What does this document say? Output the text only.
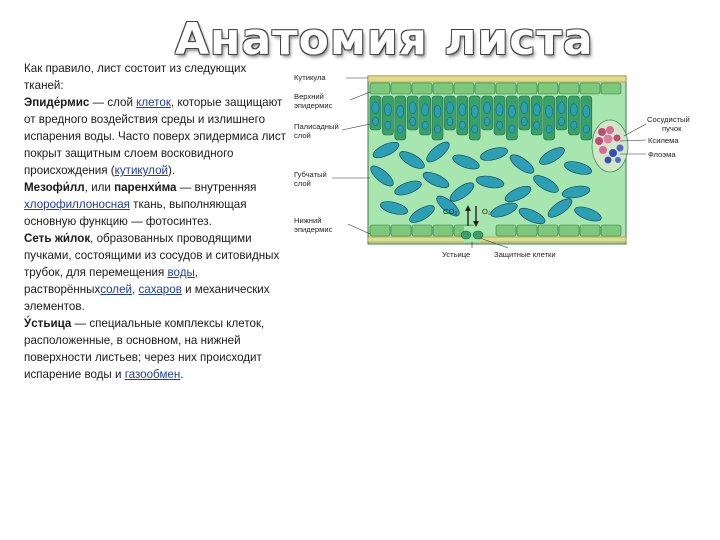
Анатомия листа

Как правило, лист состоит из следующих
тканей:

Эпиде́рмис — слой клеток, которые защищают от вредного воздействия среды и излишнего испарения воды. Часто поверх эпидермиса лист покрыт защитным слоем восковидного происхождения (кутикулой).

Мезофи́лл, или паренхи́ма — внутренняя хлорофиллоносная ткань, выполняющая основную функцию — фотосинтез.

Сеть жи́лок, образованных проводящими пучками, состоящими из сосудов и ситовидных трубок, для перемещения воды, растворённыхсолей, сахаров и механических элементов.

У́стьица — специальные комплексы клеток, расположенные, в основном, на нижней поверхности листьев; через них происходит испарение воды и газообмен.

CO₂	O₂
Кутикула
Верхний
эпидермис
Палисадный
слой
Губчатый
слой
Нижний
эпидермис
Сосудистый
пучок
Ксилема
Флоэма
Устьице	Защитные клетки
